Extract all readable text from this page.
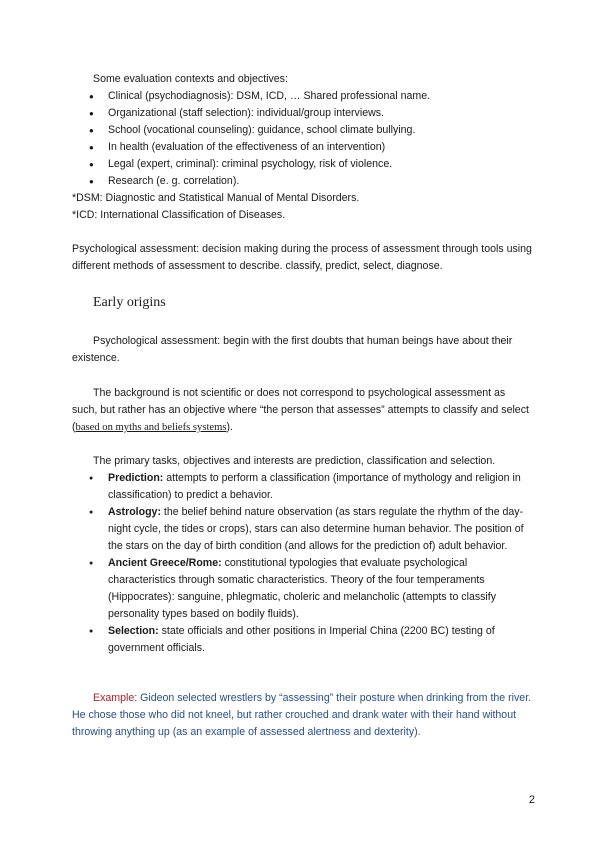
Some evaluation contexts and objectives:

● Clinical (psychodiagnosis): DSM, ICD, … Shared professional name.
● Organizational (staff selection): individual/group interviews.
● School (vocational counseling): guidance, school climate bullying.
● In health (evaluation of the effectiveness of an intervention)
● Legal (expert, criminal): criminal psychology, risk of violence.
● Research (e. g. correlation).

*DSM: Diagnostic and Statistical Manual of Mental Disorders.

*ICD: International Classification of Diseases.

Psychological assessment: decision making during the process of assessment through tools using different methods of assessment to describe. classify, predict, select, diagnose.

Early origins

Psychological assessment: begin with the first doubts that human beings have about their existence.

The background is not scientific or does not correspond to psychological assessment as such, but rather has an objective where “the person that assesses” attempts to classify and select (based on myths and beliefs systems).

The primary tasks, objectives and interests are prediction, classification and selection.

● Prediction: attempts to perform a classification (importance of mythology and religion in classification) to predict a behavior.
● Astrology: the belief behind nature observation (as stars regulate the rhythm of the day-night cycle, the tides or crops), stars can also determine human behavior. The position of the stars on the day of birth condition (and allows for the prediction of) adult behavior.
● Ancient Greece/Rome: constitutional typologies that evaluate psychological characteristics through somatic characteristics. Theory of the four temperaments (Hippocrates): sanguine, phlegmatic, choleric and melancholic (attempts to classify personality types based on bodily fluids).
● Selection: state officials and other positions in Imperial China (2200 BC) testing of government officials.

Example: Gideon selected wrestlers by “assessing” their posture when drinking from the river. He chose those who did not kneel, but rather crouched and drank water with their hand without throwing anything up (as an example of assessed alertness and dexterity).

2
